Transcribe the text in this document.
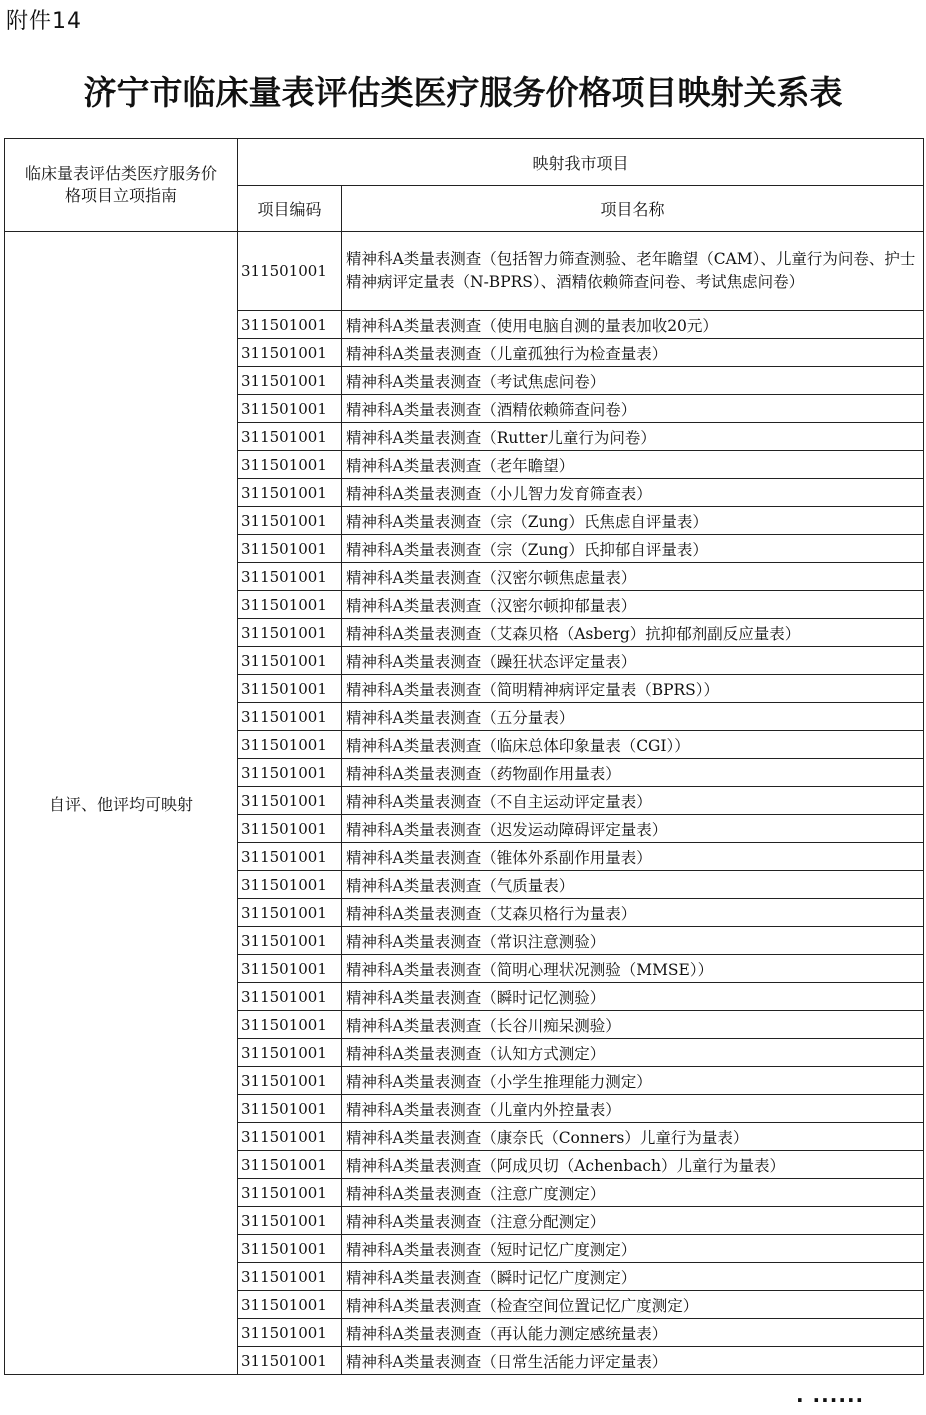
附件14
济宁市临床量表评估类医疗服务价格项目映射关系表
临床量表评估类医疗服务价格项目立项指南	映射我市项目	
	项目编码	项目名称
自评、他评均可映射	311501001	精神科A类量表测查（包括智力筛查测验、老年瞻望（CAM）、儿童行为问卷、护士精神病评定量表（N-BPRS）、酒精依赖筛查问卷、考试焦虑问卷）
	311501001	精神科A类量表测查（使用电脑自测的量表加收20元）
	311501001	精神科A类量表测查（儿童孤独行为检查量表）
	311501001	精神科A类量表测查（考试焦虑问卷）
	311501001	精神科A类量表测查（酒精依赖筛查问卷）
	311501001	精神科A类量表测查（Rutter儿童行为问卷）
	311501001	精神科A类量表测查（老年瞻望）
	311501001	精神科A类量表测查（小儿智力发育筛查表）
	311501001	精神科A类量表测查（宗（Zung）氏焦虑自评量表）
	311501001	精神科A类量表测查（宗（Zung）氏抑郁自评量表）
	311501001	精神科A类量表测查（汉密尔顿焦虑量表）
	311501001	精神科A类量表测查（汉密尔顿抑郁量表）
	311501001	精神科A类量表测查（艾森贝格（Asberg）抗抑郁剂副反应量表）
	311501001	精神科A类量表测查（躁狂状态评定量表）
	311501001	精神科A类量表测查（简明精神病评定量表（BPRS））
	311501001	精神科A类量表测查（五分量表）
	311501001	精神科A类量表测查（临床总体印象量表（CGI））
	311501001	精神科A类量表测查（药物副作用量表）
	311501001	精神科A类量表测查（不自主运动评定量表）
	311501001	精神科A类量表测查（迟发运动障碍评定量表）
	311501001	精神科A类量表测查（锥体外系副作用量表）
	311501001	精神科A类量表测查（气质量表）
	311501001	精神科A类量表测查（艾森贝格行为量表）
	311501001	精神科A类量表测查（常识注意测验）
	311501001	精神科A类量表测查（简明心理状况测验（MMSE））
	311501001	精神科A类量表测查（瞬时记忆测验）
	311501001	精神科A类量表测查（长谷川痴呆测验）
	311501001	精神科A类量表测查（认知方式测定）
	311501001	精神科A类量表测查（小学生推理能力测定）
	311501001	精神科A类量表测查（儿童内外控量表）
	311501001	精神科A类量表测查（康奈氏（Conners）儿童行为量表）
	311501001	精神科A类量表测查（阿成贝切（Achenbach）儿童行为量表）
	311501001	精神科A类量表测查（注意广度测定）
	311501001	精神科A类量表测查（注意分配测定）
	311501001	精神科A类量表测查（短时记忆广度测定）
	311501001	精神科A类量表测查（瞬时记忆广度测定）
	311501001	精神科A类量表测查（检查空间位置记忆广度测定）
	311501001	精神科A类量表测查（再认能力测定感统量表）
	311501001	精神科A类量表测查（日常生活能力评定量表）
· ······
